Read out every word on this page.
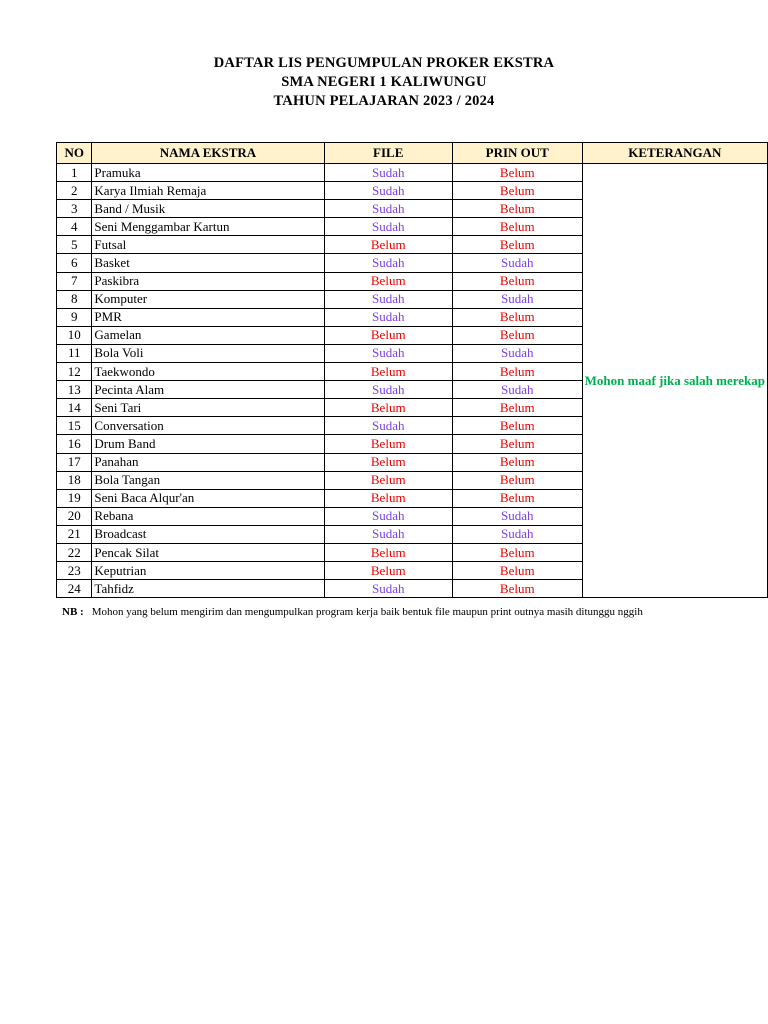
DAFTAR LIS PENGUMPULAN PROKER EKSTRA
SMA NEGERI 1 KALIWUNGU
TAHUN PELAJARAN 2023 / 2024
NO	NAMA EKSTRA	FILE	PRIN OUT	KETERANGAN
1	Pramuka	Sudah	Belum	Mohon maaf jika salah merekap
2	Karya Ilmiah Remaja	Sudah	Belum	
3	Band / Musik	Sudah	Belum	
4	Seni Menggambar Kartun	Sudah	Belum	
5	Futsal	Belum	Belum	
6	Basket	Sudah	Sudah	
7	Paskibra	Belum	Belum	
8	Komputer	Sudah	Sudah	
9	PMR	Sudah	Belum	
10	Gamelan	Belum	Belum	
11	Bola Voli	Sudah	Sudah	
12	Taekwondo	Belum	Belum	
13	Pecinta Alam	Sudah	Sudah	
14	Seni Tari	Belum	Belum	
15	Conversation	Sudah	Belum	
16	Drum Band	Belum	Belum	
17	Panahan	Belum	Belum	
18	Bola Tangan	Belum	Belum	
19	Seni Baca Alqur'an	Belum	Belum	
20	Rebana	Sudah	Sudah	
21	Broadcast	Sudah	Sudah	
22	Pencak Silat	Belum	Belum	
23	Keputrian	Belum	Belum	
24	Tahfidz	Sudah	Belum	
NB : Mohon yang belum mengirim dan mengumpulkan program kerja baik bentuk file maupun print outnya masih ditunggu nggih
